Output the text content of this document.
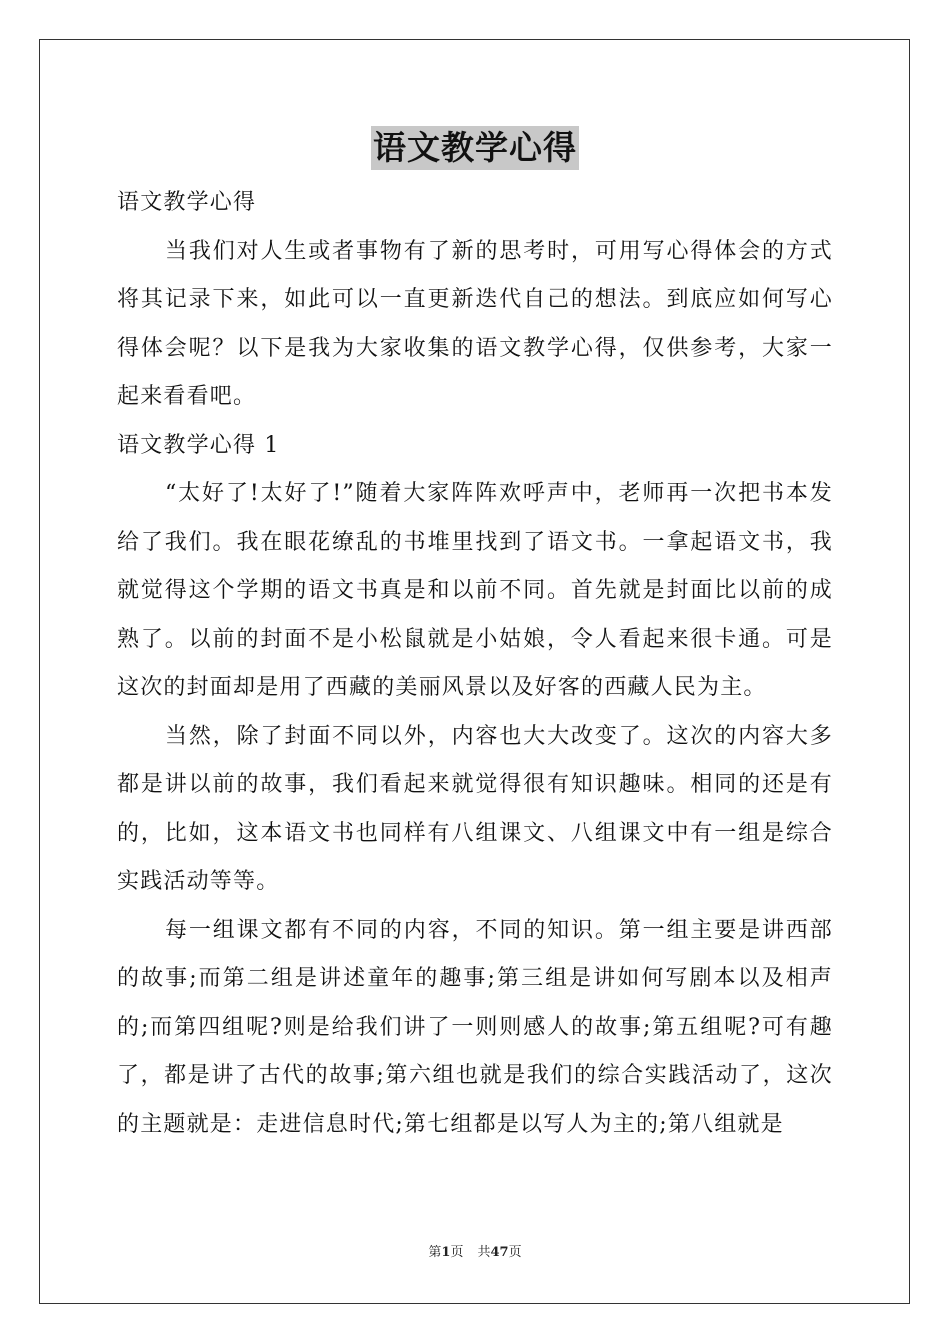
语文教学心得

语文教学心得

当我们对人生或者事物有了新的思考时，可用写心得体会的方式将其记录下来，如此可以一直更新迭代自己的想法。到底应如何写心得体会呢？以下是我为大家收集的语文教学心得，仅供参考，大家一起来看看吧。

语文教学心得 1

“太好了!太好了!”随着大家阵阵欢呼声中，老师再一次把书本发给了我们。我在眼花缭乱的书堆里找到了语文书。一拿起语文书，我就觉得这个学期的语文书真是和以前不同。首先就是封面比以前的成熟了。以前的封面不是小松鼠就是小姑娘，令人看起来很卡通。可是这次的封面却是用了西藏的美丽风景以及好客的西藏人民为主。

当然，除了封面不同以外，内容也大大改变了。这次的内容大多都是讲以前的故事，我们看起来就觉得很有知识趣味。相同的还是有的，比如，这本语文书也同样有八组课文、八组课文中有一组是综合实践活动等等。

每一组课文都有不同的内容，不同的知识。第一组主要是讲西部的故事;而第二组是讲述童年的趣事;第三组是讲如何写剧本以及相声的;而第四组呢?则是给我们讲了一则则感人的故事;第五组呢?可有趣了，都是讲了古代的故事;第六组也就是我们的综合实践活动了，这次的主题就是：走进信息时代;第七组都是以写人为主的;第八组就是

第1页 共47页
